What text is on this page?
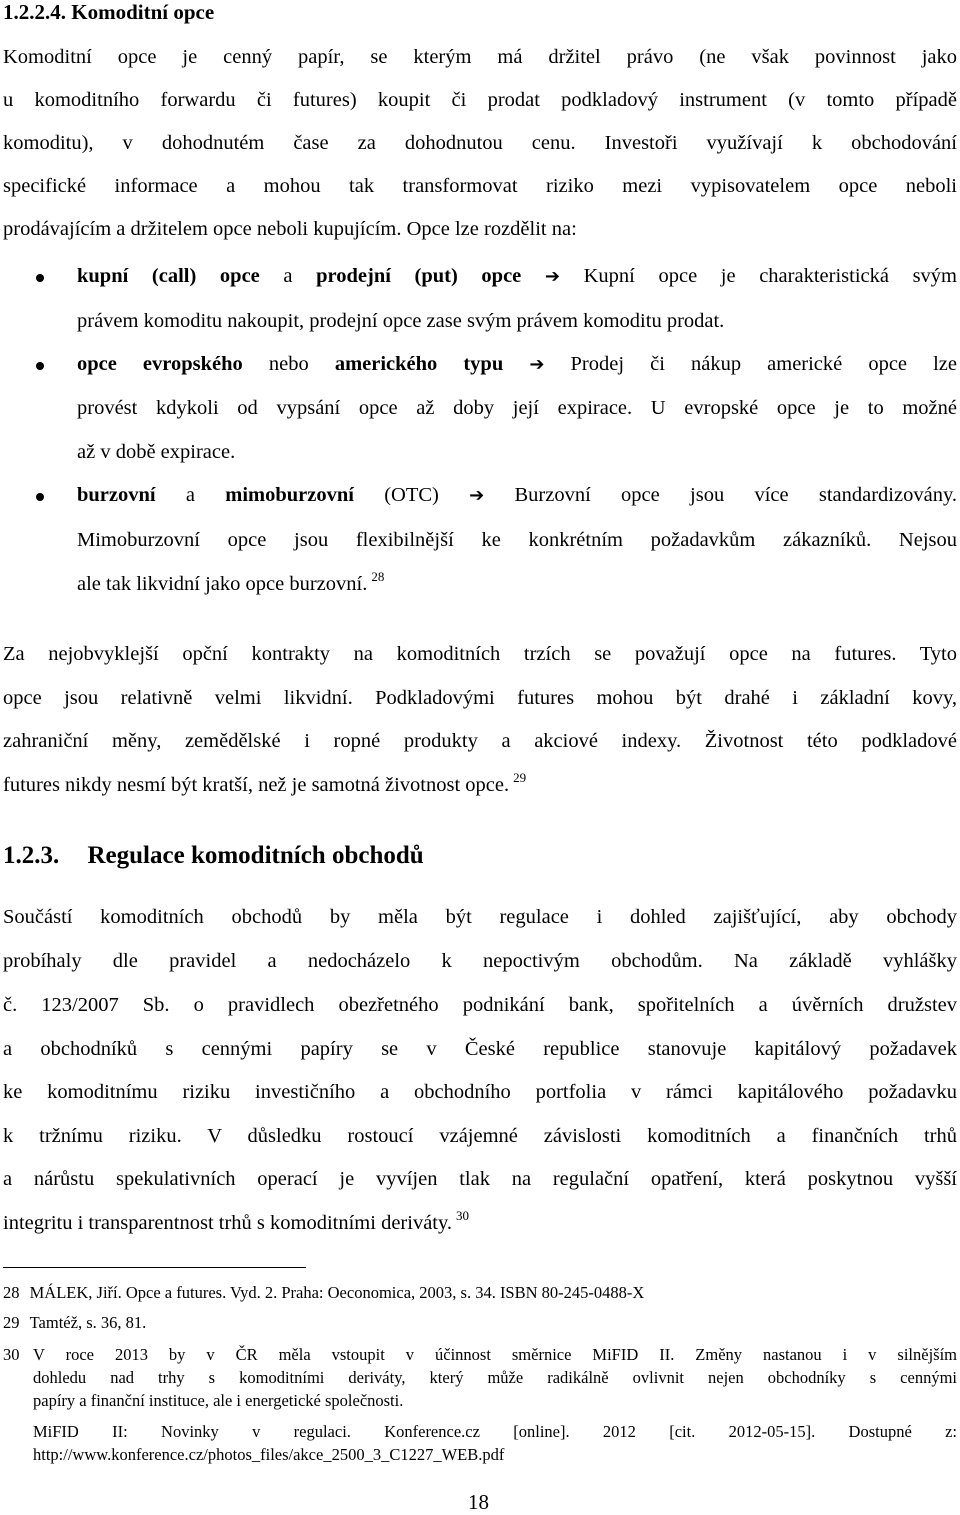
1.2.2.4. Komoditní opce
Komoditní opce je cenný papír, se kterým má držitel právo (ne však povinnost jako
u komoditního forwardu či futures) koupit či prodat podkladový instrument (v tomto případě
komoditu), v dohodnutém čase za dohodnutou cenu. Investoři využívají k obchodování
specifické informace a mohou tak transformovat riziko mezi vypisovatelem opce neboli
prodávajícím a držitelem opce neboli kupujícím. Opce lze rozdělit na:
kupní (call) opce a prodejní (put) opce ➔ Kupní opce je charakteristická svým
právem komoditu nakoupit, prodejní opce zase svým právem komoditu prodat.
opce evropského nebo amerického typu ➔ Prodej či nákup americké opce lze
provést kdykoli od vypsání opce až doby její expirace. U evropské opce je to možné
až v době expirace.
burzovní a mimoburzovní (OTC) ➔ Burzovní opce jsou více standardizovány.
Mimoburzovní opce jsou flexibilnější ke konkrétním požadavkům zákazníků. Nejsou
ale tak likvidní jako opce burzovní. $^{28}$
Za nejobvyklejší opční kontrakty na komoditních trzích se považují opce na futures. Tyto
opce jsou relativně velmi likvidní. Podkladovými futures mohou být drahé i základní kovy,
zahraniční měny, zemědělské i ropné produkty a akciové indexy. Životnost této podkladové
futures nikdy nesmí být kratší, než je samotná životnost opce. $^{29}$
1.2.3. Regulace komoditních obchodů
Součástí komoditních obchodů by měla být regulace i dohled zajišťující, aby obchody
probíhaly dle pravidel a nedocházelo k nepoctivým obchodům. Na základě vyhlášky
č. 123/2007 Sb. o pravidlech obezřetného podnikání bank, spořitelních a úvěrních družstev
a obchodníků s cennými papíry se v České republice stanovuje kapitálový požadavek
ke komoditnímu riziku investičního a obchodního portfolia v rámci kapitálového požadavku
k tržnímu riziku. V důsledku rostoucí vzájemné závislosti komoditních a finančních trhů
a nárůstu spekulativních operací je vyvíjen tlak na regulační opatření, která poskytnou vyšší
integritu i transparentnost trhů s komoditními deriváty. $^{30}$
28 MÁLEK, Jiří. Opce a futures. Vyd. 2. Praha: Oeconomica, 2003, s. 34. ISBN 80-245-0488-X
29 Tamtéž, s. 36, 81.
30 V roce 2013 by v ČR měla vstoupit v účinnost směrnice MiFID II. Změny nastanou i v silnějším
dohledu nad trhy s komoditními deriváty, který může radikálně ovlivnit nejen obchodníky s cennými
papíry a finanční instituce, ale i energetické společnosti.
MiFID II: Novinky v regulaci. Konference.cz [online]. 2012 [cit. 2012-05-15]. Dostupné z:
http://www.konference.cz/photos_files/akce_2500_3_C1227_WEB.pdf
18
